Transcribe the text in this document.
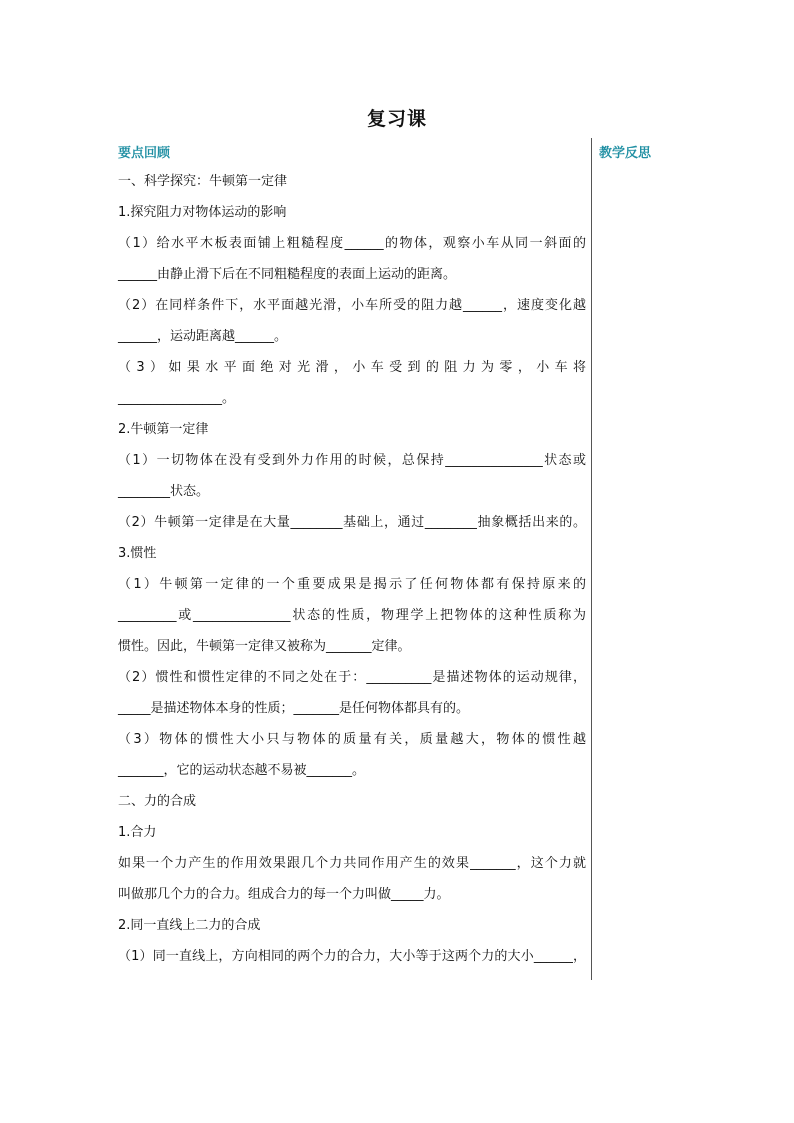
复习课
教学反思
要点回顾
一、科学探究：牛顿第一定律
1.探究阻力对物体运动的影响
（1）给水平木板表面铺上粗糙程度______的物体，观察小车从同一斜面的
______由静止滑下后在不同粗糙程度的表面上运动的距离。
（2）在同样条件下，水平面越光滑，小车所受的阻力越______，速度变化越
______，运动距离越______。
（3）如果水平面绝对光滑，小车受到的阻力为零，小车将
________________。
2.牛顿第一定律
（1）一切物体在没有受到外力作用的时候，总保持_______________状态或
________状态。
（2）牛顿第一定律是在大量________基础上，通过________抽象概括出来的。
3.惯性
（1）牛顿第一定律的一个重要成果是揭示了任何物体都有保持原来的
_________或_______________状态的性质，物理学上把物体的这种性质称为
惯性。因此，牛顿第一定律又被称为_______定律。
（2）惯性和惯性定律的不同之处在于：__________是描述物体的运动规律，
_____是描述物体本身的性质；_______是任何物体都具有的。
（3）物体的惯性大小只与物体的质量有关，质量越大，物体的惯性越
_______，它的运动状态越不易被_______。
二、力的合成
1.合力
如果一个力产生的作用效果跟几个力共同作用产生的效果_______，这个力就
叫做那几个力的合力。组成合力的每一个力叫做_____力。
2.同一直线上二力的合成
（1）同一直线上，方向相同的两个力的合力，大小等于这两个力的大小______，
